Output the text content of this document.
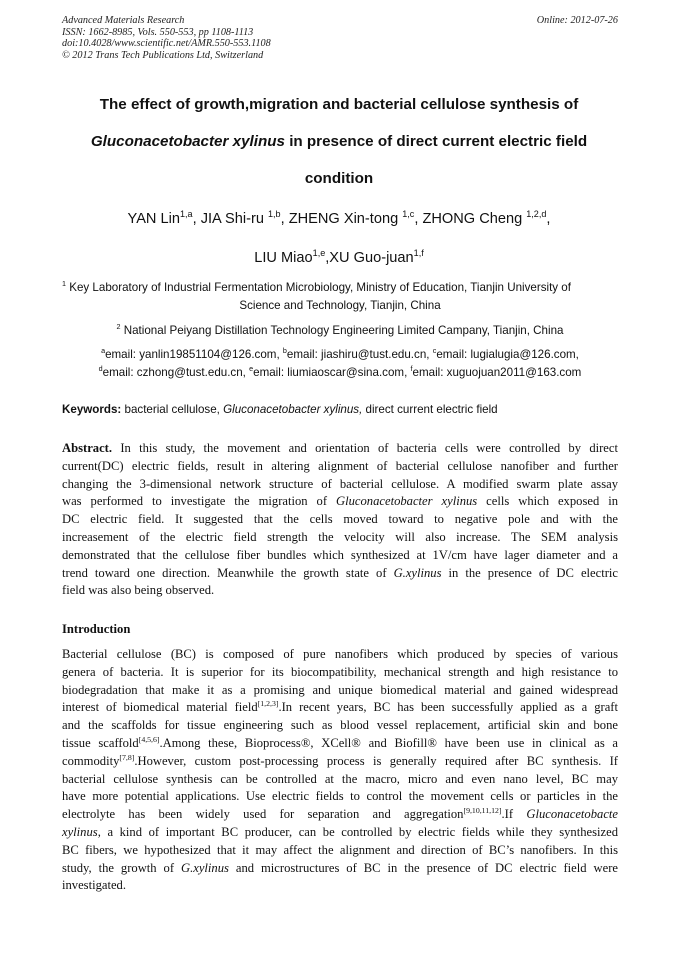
Advanced Materials Research
ISSN: 1662-8985, Vols. 550-553, pp 1108-1113
doi:10.4028/www.scientific.net/AMR.550-553.1108
© 2012 Trans Tech Publications Ltd, Switzerland
Online: 2012-07-26
The effect of growth,migration and bacterial cellulose synthesis of
Gluconacetobacter xylinus in presence of direct current electric field
condition
YAN Lin$^{1,a}$, JIA Shi-ru $^{1,b}$, ZHENG Xin-tong $^{1,c}$, ZHONG Cheng $^{1,2,d}$,
LIU Miao$^{1,e}$,XU Guo-juan$^{1,f}$
$^1$ Key Laboratory of Industrial Fermentation Microbiology, Ministry of Education, Tianjin University of
Science and Technology, Tianjin, China
$^2$ National Peiyang Distillation Technology Engineering Limited Campany, Tianjin, China
$^a$email: yanlin19851104@126.com, $^b$email: jiashiru@tust.edu.cn, $^c$email: lugialugia@126.com,
$^d$email: czhong@tust.edu.cn, $^e$email: liumiaoscar@sina.com, $^f$email: xuguojuan2011@163.com
Keywords: bacterial cellulose, Gluconacetobacter xylinus, direct current electric field
Abstract. In this study, the movement and orientation of bacteria cells were controlled by direct
current(DC) electric fields, result in altering alignment of bacterial cellulose nanofiber and further
changing the 3-dimensional network structure of bacterial cellulose. A modified swarm plate assay
was performed to investigate the migration of Gluconacetobacter xylinus cells which exposed in
DC electric field. It suggested that the cells moved toward to negative pole and with the
increasement of the electric field strength the velocity will also increase. The SEM analysis
demonstrated that the cellulose fiber bundles which synthesized at 1V/cm have lager diameter and a
trend toward one direction. Meanwhile the growth state of G.xylinus in the presence of DC electric
field was also being observed.
Introduction
Bacterial cellulose (BC) is composed of pure nanofibers which produced by species of various
genera of bacteria. It is superior for its biocompatibility, mechanical strength and high resistance to
biodegradation that make it as a promising and unique biomedical material and gained widespread
interest of biomedical material field[1,2,3].In recent years, BC has been successfully applied as a graft
and the scaffolds for tissue engineering such as blood vessel replacement, artificial skin and bone
tissue scaffold[4,5,6].Among these, Bioprocess®, XCell® and Biofill® have been use in clinical as a
commodity[7,8].However, custom post-processing process is generally required after BC synthesis. If
bacterial cellulose synthesis can be controlled at the macro, micro and even nano level, BC may
have more potential applications. Use electric fields to control the movement cells or particles in the
electrolyte has been widely used for separation and aggregation[9,10,11,12].If Gluconacetobacte
xylinus, a kind of important BC producer, can be controlled by electric fields while they synthesized
BC fibers, we hypothesized that it may affect the alignment and direction of BC’s nanofibers. In this
study, the growth of G.xylinus and microstructures of BC in the presence of DC electric field were
investigated.
